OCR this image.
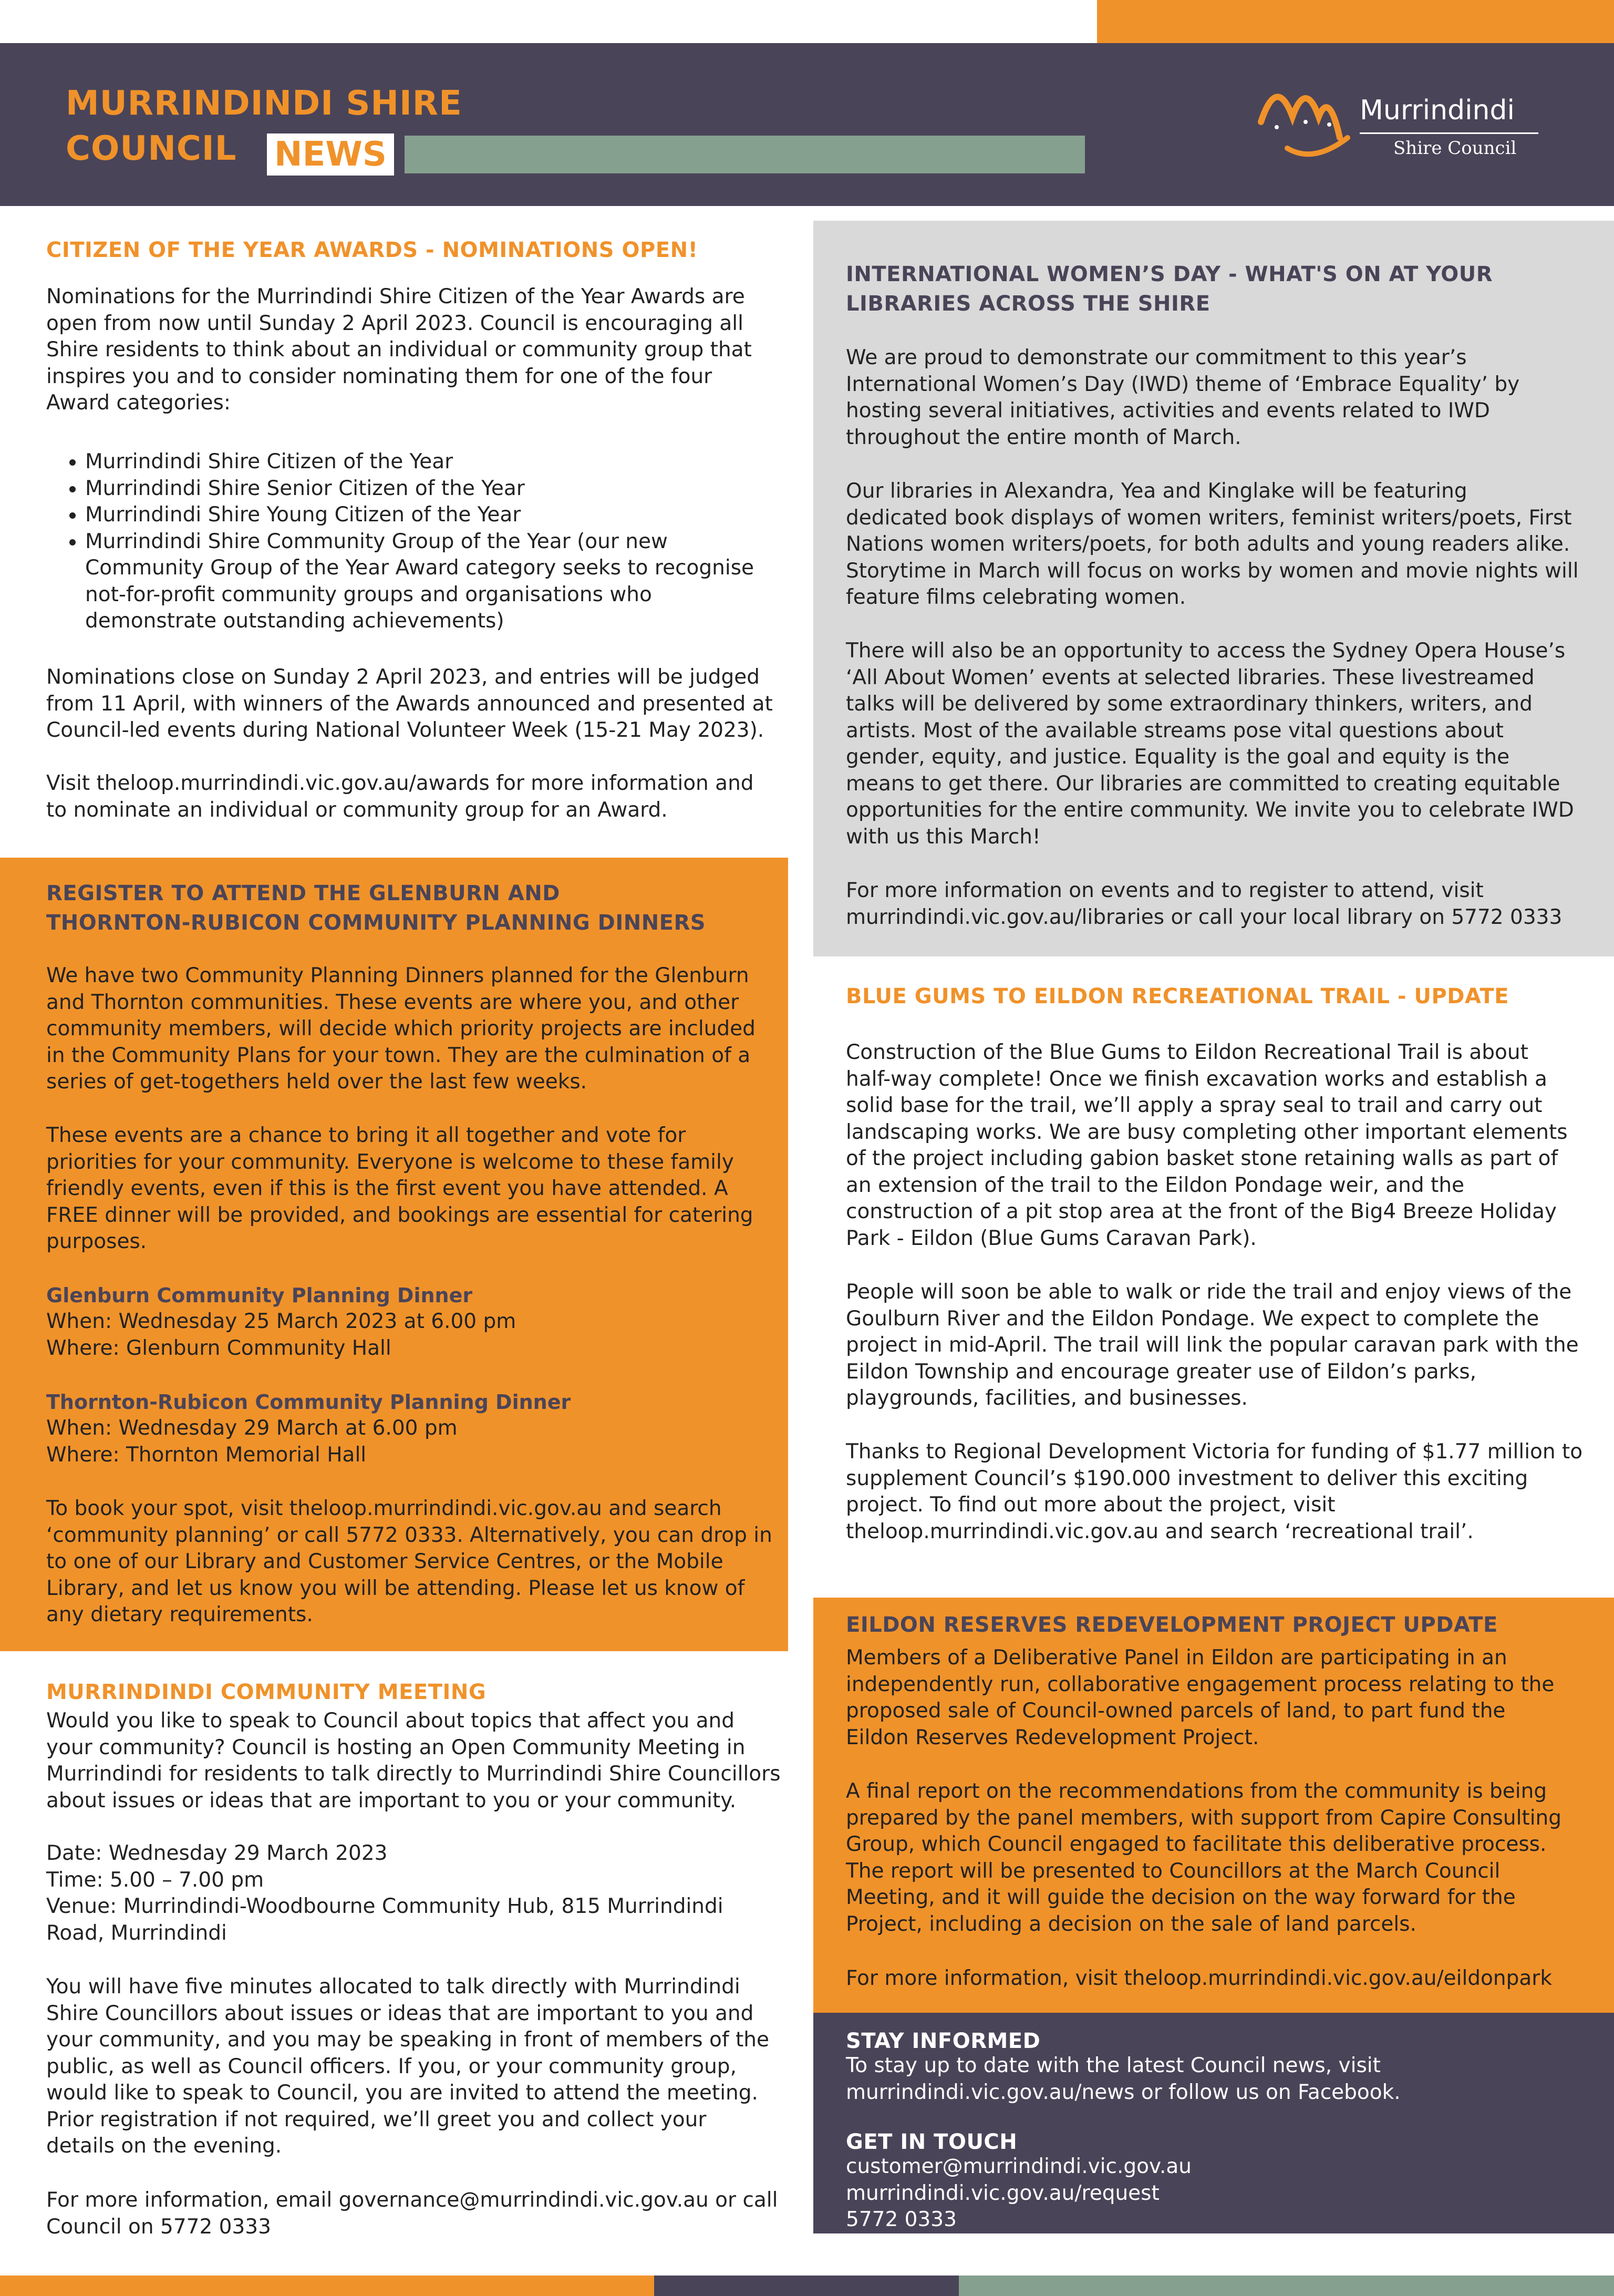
MURRINDINDI SHIRE
COUNCIL NEWS
Murrindindi
Shire Council
CITIZEN OF THE YEAR AWARDS - NOMINATIONS OPEN!
Nominations for the Murrindindi Shire Citizen of the Year Awards are
open from now until Sunday 2 April 2023. Council is encouraging all
Shire residents to think about an individual or community group that
inspires you and to consider nominating them for one of the four
Award categories:
• Murrindindi Shire Citizen of the Year
• Murrindindi Shire Senior Citizen of the Year
• Murrindindi Shire Young Citizen of the Year
• Murrindindi Shire Community Group of the Year (our new Community Group of the Year Award category seeks to recognise not-for-profit community groups and organisations who demonstrate outstanding achievements)
Nominations close on Sunday 2 April 2023, and entries will be judged
from 11 April, with winners of the Awards announced and presented at
Council-led events during National Volunteer Week (15-21 May 2023).
Visit theloop.murrindindi.vic.gov.au/awards for more information and
to nominate an individual or community group for an Award.
REGISTER TO ATTEND THE GLENBURN AND
THORNTON-RUBICON COMMUNITY PLANNING DINNERS
We have two Community Planning Dinners planned for the Glenburn
and Thornton communities. These events are where you, and other
community members, will decide which priority projects are included
in the Community Plans for your town. They are the culmination of a
series of get-togethers held over the last few weeks.
These events are a chance to bring it all together and vote for
priorities for your community. Everyone is welcome to these family
friendly events, even if this is the first event you have attended. A
FREE dinner will be provided, and bookings are essential for catering
purposes.
Glenburn Community Planning Dinner
When: Wednesday 25 March 2023 at 6.00 pm
Where: Glenburn Community Hall
Thornton-Rubicon Community Planning Dinner
When: Wednesday 29 March at 6.00 pm
Where: Thornton Memorial Hall
To book your spot, visit theloop.murrindindi.vic.gov.au and search
‘community planning’ or call 5772 0333. Alternatively, you can drop in
to one of our Library and Customer Service Centres, or the Mobile
Library, and let us know you will be attending. Please let us know of
any dietary requirements.
MURRINDINDI COMMUNITY MEETING
Would you like to speak to Council about topics that affect you and
your community? Council is hosting an Open Community Meeting in
Murrindindi for residents to talk directly to Murrindindi Shire Councillors
about issues or ideas that are important to you or your community.
Date: Wednesday 29 March 2023
Time: 5.00 – 7.00 pm
Venue: Murrindindi-Woodbourne Community Hub, 815 Murrindindi
Road, Murrindindi
You will have five minutes allocated to talk directly with Murrindindi
Shire Councillors about issues or ideas that are important to you and
your community, and you may be speaking in front of members of the
public, as well as Council officers. If you, or your community group,
would like to speak to Council, you are invited to attend the meeting.
Prior registration if not required, we’ll greet you and collect your
details on the evening.
For more information, email governance@murrindindi.vic.gov.au or call
Council on 5772 0333
INTERNATIONAL WOMEN’S DAY - WHAT'S ON AT YOUR
LIBRARIES ACROSS THE SHIRE
We are proud to demonstrate our commitment to this year’s
International Women’s Day (IWD) theme of ‘Embrace Equality’ by
hosting several initiatives, activities and events related to IWD
throughout the entire month of March.
Our libraries in Alexandra, Yea and Kinglake will be featuring
dedicated book displays of women writers, feminist writers/poets, First
Nations women writers/poets, for both adults and young readers alike.
Storytime in March will focus on works by women and movie nights will
feature films celebrating women.
There will also be an opportunity to access the Sydney Opera House’s
‘All About Women’ events at selected libraries. These livestreamed
talks will be delivered by some extraordinary thinkers, writers, and
artists. Most of the available streams pose vital questions about
gender, equity, and justice. Equality is the goal and equity is the
means to get there. Our libraries are committed to creating equitable
opportunities for the entire community. We invite you to celebrate IWD
with us this March!
For more information on events and to register to attend, visit
murrindindi.vic.gov.au/libraries or call your local library on 5772 0333
BLUE GUMS TO EILDON RECREATIONAL TRAIL - UPDATE
Construction of the Blue Gums to Eildon Recreational Trail is about
half-way complete! Once we finish excavation works and establish a
solid base for the trail, we’ll apply a spray seal to trail and carry out
landscaping works. We are busy completing other important elements
of the project including gabion basket stone retaining walls as part of
an extension of the trail to the Eildon Pondage weir, and the
construction of a pit stop area at the front of the Big4 Breeze Holiday
Park - Eildon (Blue Gums Caravan Park).
People will soon be able to walk or ride the trail and enjoy views of the
Goulburn River and the Eildon Pondage. We expect to complete the
project in mid-April. The trail will link the popular caravan park with the
Eildon Township and encourage greater use of Eildon’s parks,
playgrounds, facilities, and businesses.
Thanks to Regional Development Victoria for funding of $1.77 million to
supplement Council’s $190.000 investment to deliver this exciting
project. To find out more about the project, visit
theloop.murrindindi.vic.gov.au and search ‘recreational trail’.
EILDON RESERVES REDEVELOPMENT PROJECT UPDATE
Members of a Deliberative Panel in Eildon are participating in an
independently run, collaborative engagement process relating to the
proposed sale of Council-owned parcels of land, to part fund the
Eildon Reserves Redevelopment Project.
A final report on the recommendations from the community is being
prepared by the panel members, with support from Capire Consulting
Group, which Council engaged to facilitate this deliberative process.
The report will be presented to Councillors at the March Council
Meeting, and it will guide the decision on the way forward for the
Project, including a decision on the sale of land parcels.
For more information, visit theloop.murrindindi.vic.gov.au/eildonpark
STAY INFORMED
To stay up to date with the latest Council news, visit
murrindindi.vic.gov.au/news or follow us on Facebook.
GET IN TOUCH
customer@murrindindi.vic.gov.au
murrindindi.vic.gov.au/request
5772 0333
